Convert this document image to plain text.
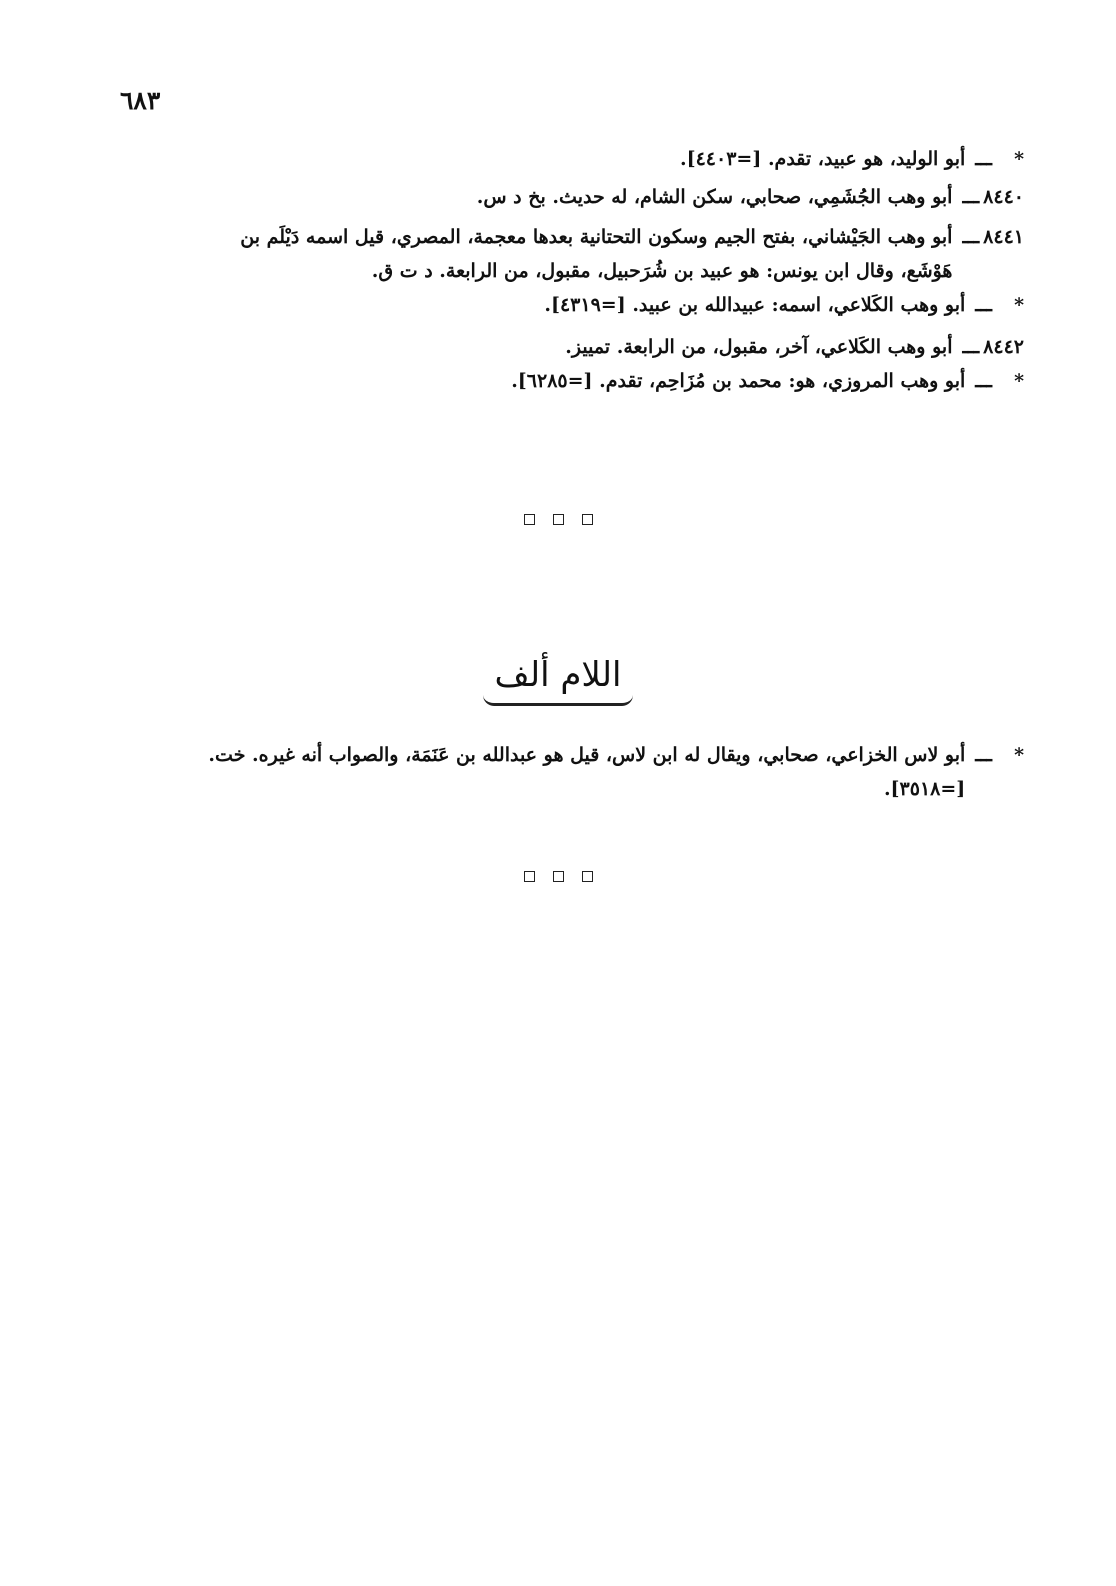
٦٨٣
*
ـــ
أبو الوليد، هو عبيد، تقدم. [=٤٤٠٣].
٨٤٤٠
ـــ
أبو وهب الجُشَمِي، صحابي، سكن الشام، له حديث. بخ د س.
٨٤٤١
ـــ
أبو وهب الجَيْشاني، بفتح الجيم وسكون التحتانية بعدها معجمة، المصري، قيل اسمه دَيْلَم بن
هَوْشَع، وقال ابن يونس: هو عبيد بن شُرَحبيل، مقبول، من الرابعة. د ت ق.
*
ـــ
أبو وهب الكَلاعي، اسمه: عبيدالله بن عبيد. [=٤٣١٩].
٨٤٤٢
ـــ
أبو وهب الكَلاعي، آخر، مقبول، من الرابعة. تمييز.
*
ـــ
أبو وهب المروزي، هو: محمد بن مُزَاحِم، تقدم. [=٦٢٨٥].
اللام ألف
*
ـــ
أبو لاس الخزاعي، صحابي، ويقال له ابن لاس، قيل هو عبدالله بن عَنَمَة، والصواب أنه غيره. خت.
[=٣٥١٨].
